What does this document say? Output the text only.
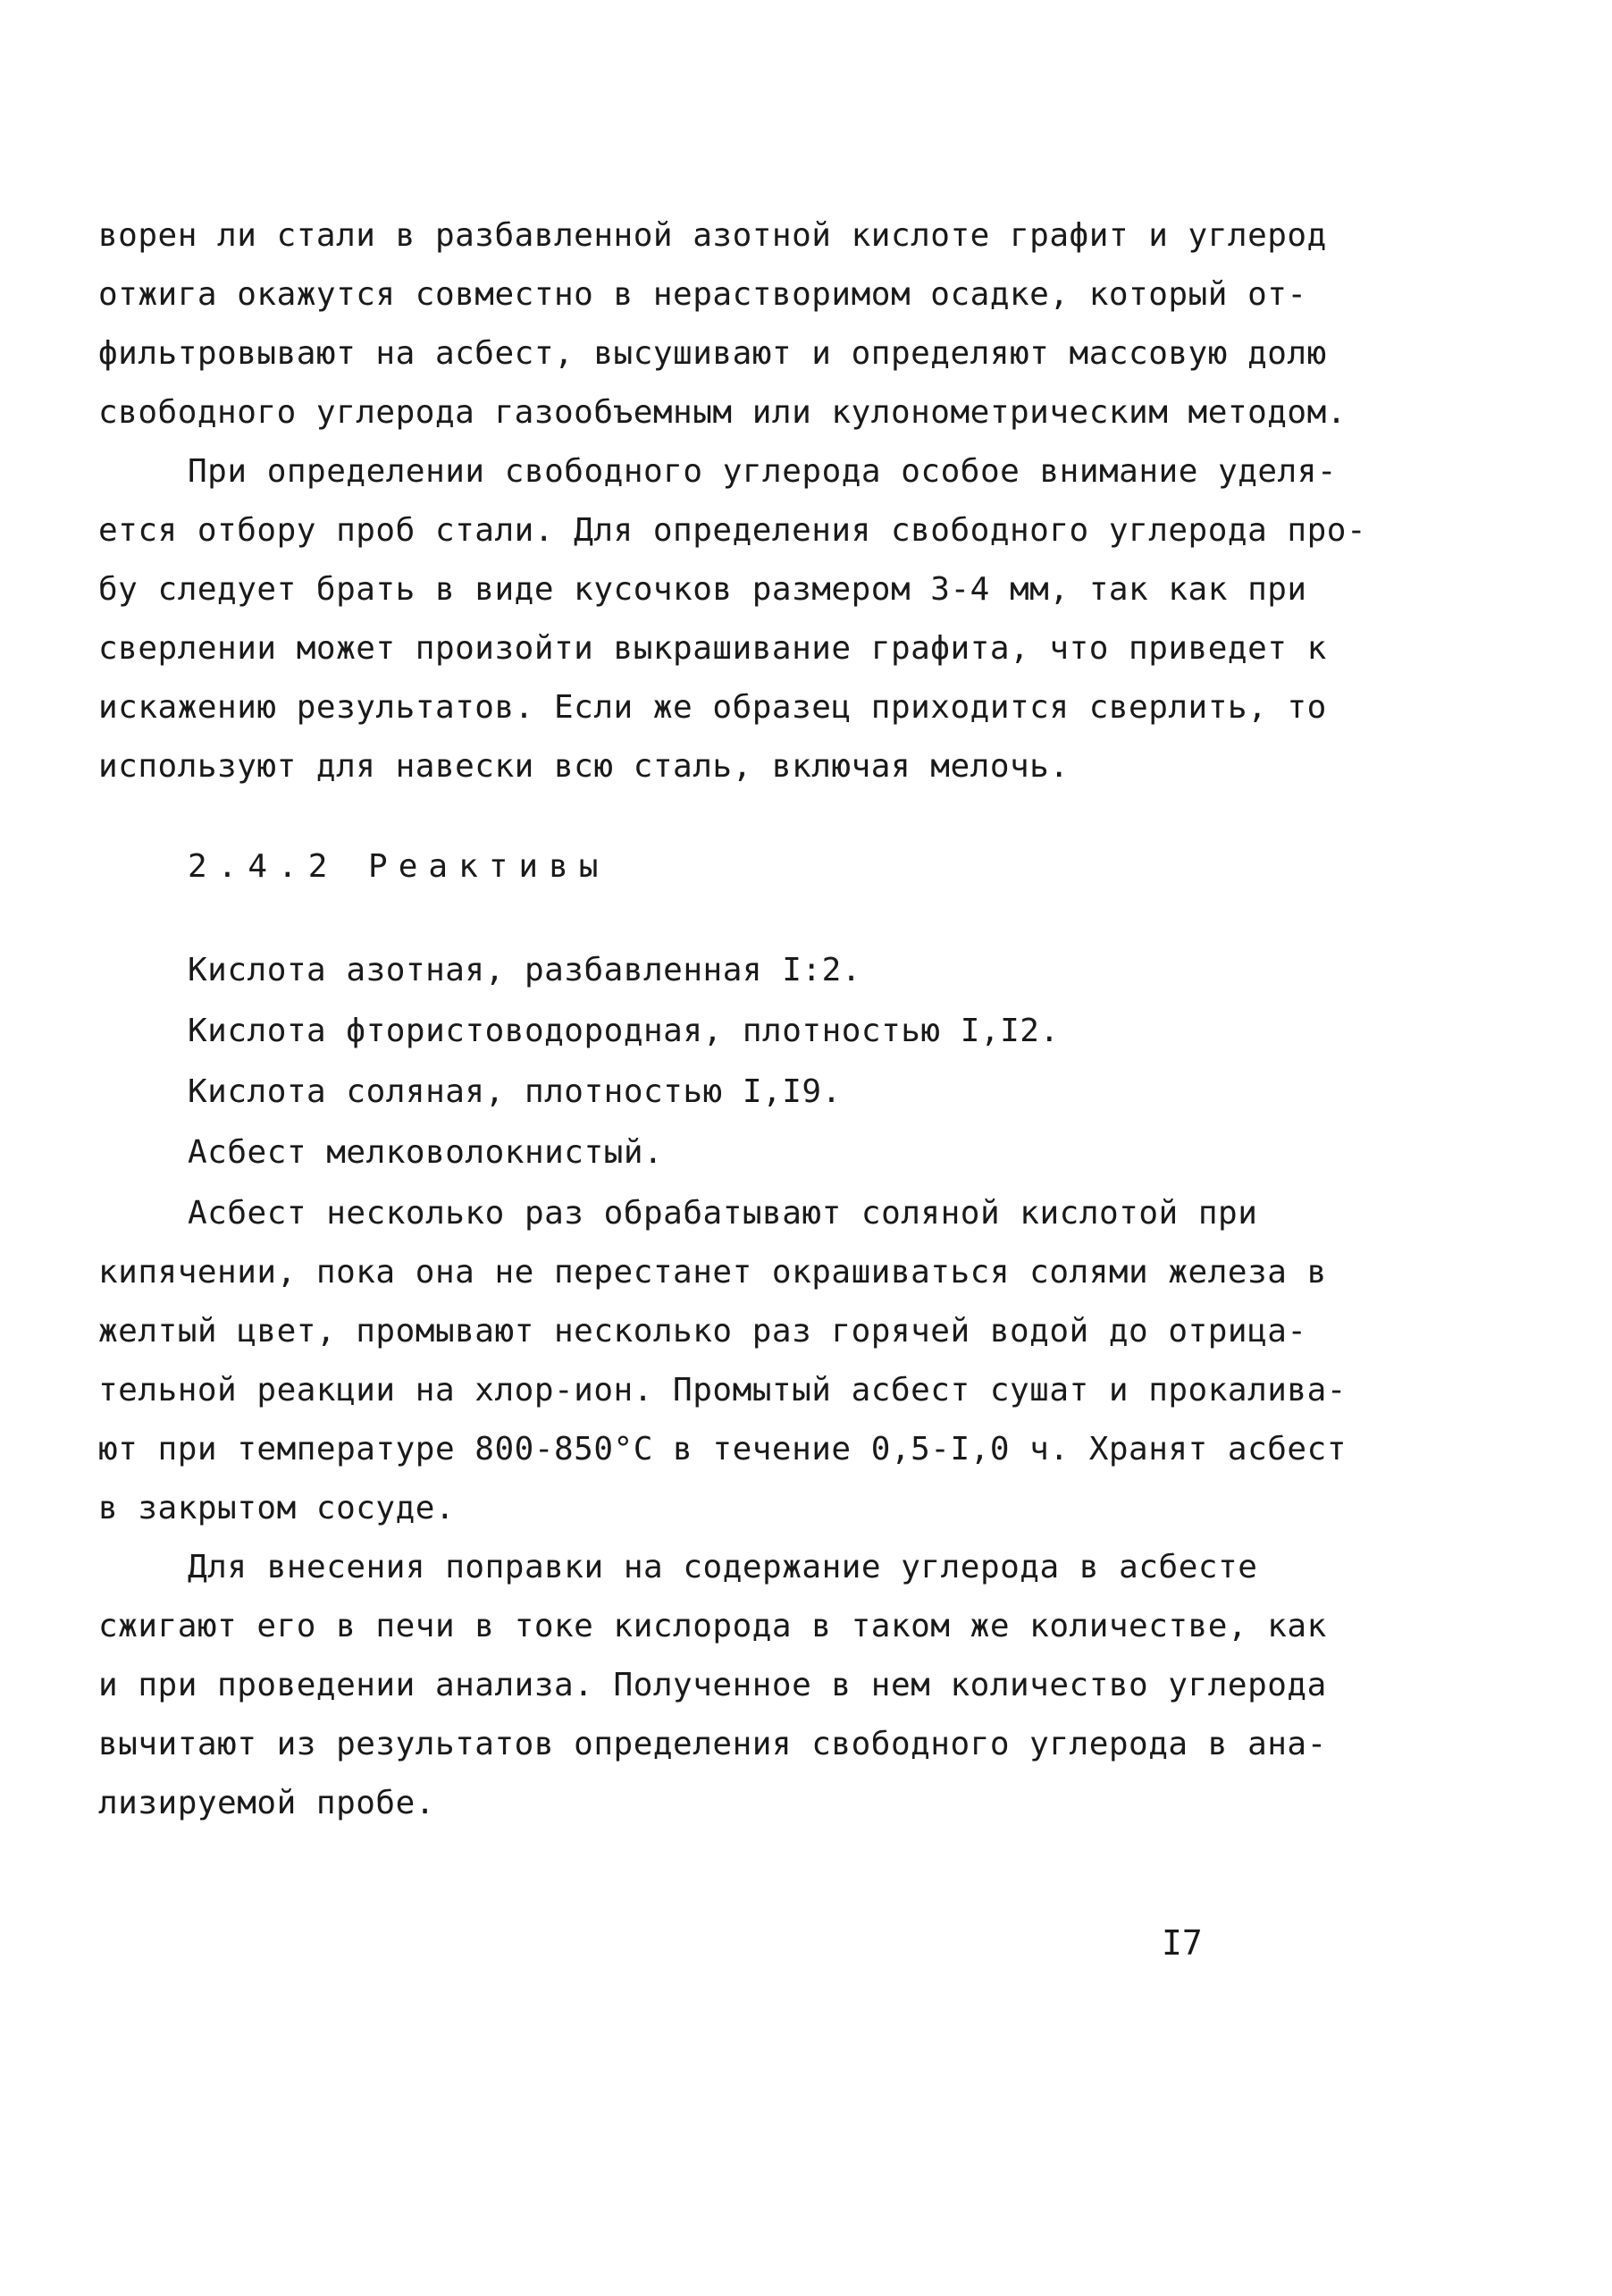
ворен ли стали в разбавленной азотной кислоте графит и углерод
отжига окажутся совместно в нерастворимом осадке, который от-
фильтровывают на асбест, высушивают и определяют массовую долю
свободного углерода газообъемным или кулонометрическим методом.
При определении свободного углерода особое внимание уделя-
ется отбору проб стали. Для определения свободного углерода про-
бу следует брать в виде кусочков размером 3-4 мм, так как при
сверлении может произойти выкрашивание графита, что приведет к
искажению результатов. Если же образец приходится сверлить, то
используют для навески всю сталь, включая мелочь.
2.4.2 Реактивы
Кислота азотная, разбавленная I:2.
Кислота фтористоводородная, плотностью I,I2.
Кислота соляная, плотностью I,I9.
Асбест мелковолокнистый.
Асбест несколько раз обрабатывают соляной кислотой при
кипячении, пока она не перестанет окрашиваться солями железа в
желтый цвет, промывают несколько раз горячей водой до отрица-
тельной реакции на хлор-ион. Промытый асбест сушат и прокалива-
ют при температуре 800-850°С в течение 0,5-I,0 ч. Хранят асбест
в закрытом сосуде.
Для внесения поправки на содержание углерода в асбесте
сжигают его в печи в токе кислорода в таком же количестве, как
и при проведении анализа. Полученное в нем количество углерода
вычитают из результатов определения свободного углерода в ана-
лизируемой пробе.
I7
